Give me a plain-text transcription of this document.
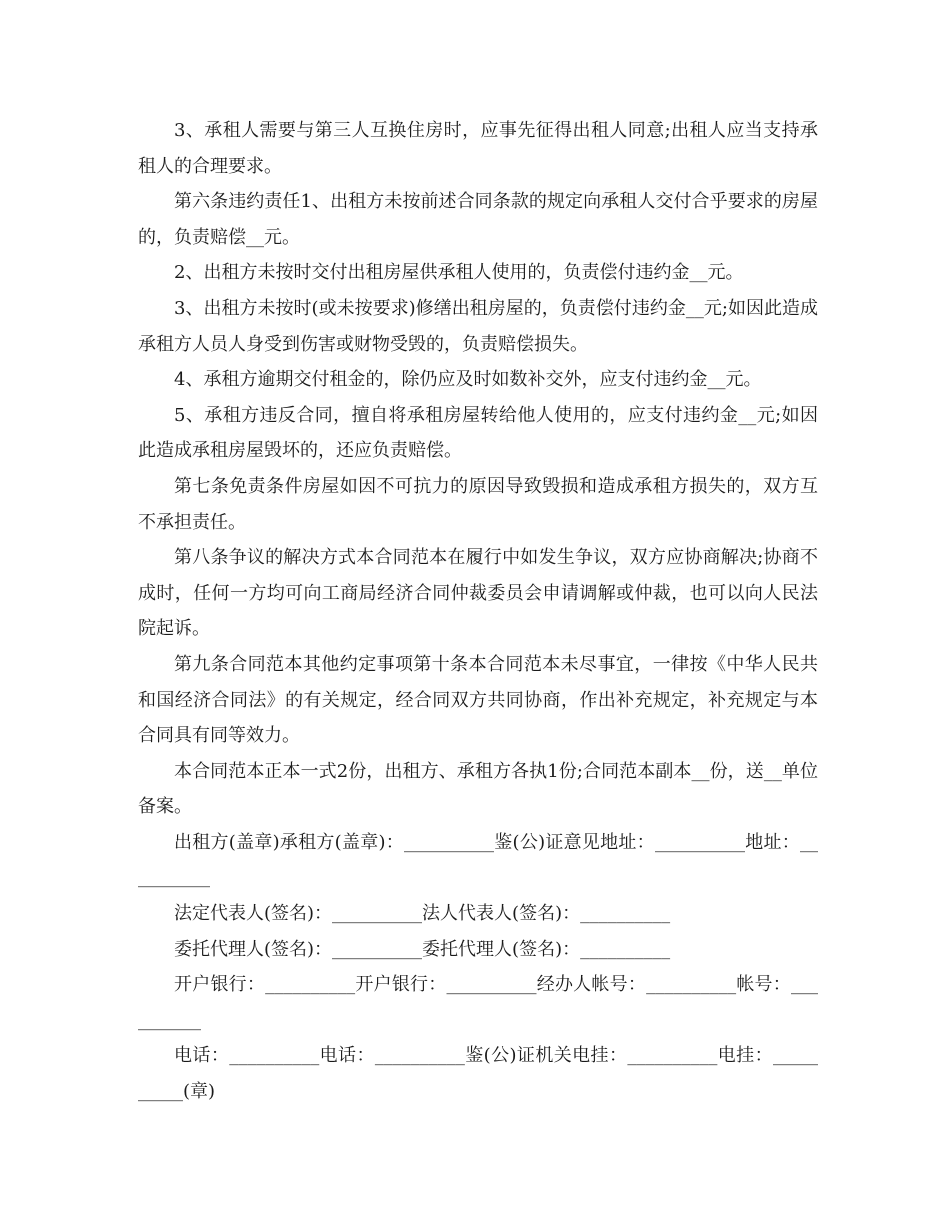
3、承租人需要与第三人互换住房时，应事先征得出租人同意;出租人应当支持承租人的合理要求。

第六条违约责任1、出租方未按前述合同条款的规定向承租人交付合乎要求的房屋的，负责赔偿__元。

2、出租方未按时交付出租房屋供承租人使用的，负责偿付违约金__元。

3、出租方未按时(或未按要求)修缮出租房屋的，负责偿付违约金__元;如因此造成承租方人员人身受到伤害或财物受毁的，负责赔偿损失。

4、承租方逾期交付租金的，除仍应及时如数补交外，应支付违约金__元。

5、承租方违反合同，擅自将承租房屋转给他人使用的，应支付违约金__元;如因此造成承租房屋毁坏的，还应负责赔偿。

第七条免责条件房屋如因不可抗力的原因导致毁损和造成承租方损失的，双方互不承担责任。

第八条争议的解决方式本合同范本在履行中如发生争议，双方应协商解决;协商不成时，任何一方均可向工商局经济合同仲裁委员会申请调解或仲裁，也可以向人民法院起诉。

第九条合同范本其他约定事项第十条本合同范本未尽事宜，一律按《中华人民共和国经济合同法》的有关规定，经合同双方共同协商，作出补充规定，补充规定与本合同具有同等效力。

本合同范本正本一式2份，出租方、承租方各执1份;合同范本副本__份，送__单位备案。

出租方(盖章)承租方(盖章)：__________鉴(公)证意见地址：__________地址：__________

法定代表人(签名)：__________法人代表人(签名)：__________

委托代理人(签名)：__________委托代理人(签名)：__________

开户银行：__________开户银行：__________经办人帐号：__________帐号：__________

电话：__________电话：__________鉴(公)证机关电挂：__________电挂：__________(章)
